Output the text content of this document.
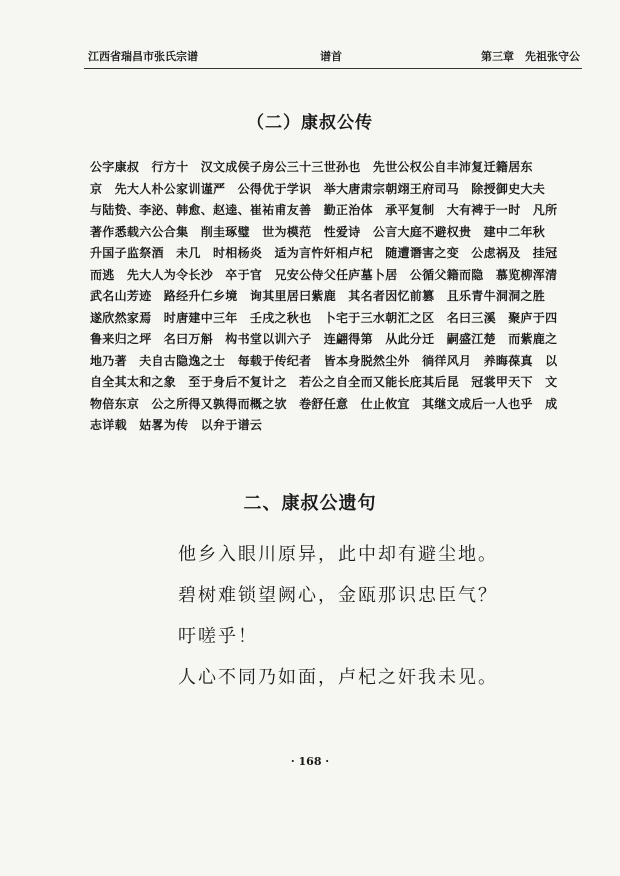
江西省瑞昌市张氏宗谱	谱首	第三章　先祖张守公
（二）康叔公传
公字康叔　行方十　汉文成侯子房公三十三世孙也　先世公权公自丰沛复迁籍居东
京　先大人朴公家训谨严　公得优于学识　举大唐肃宗朝翊王府司马　除授御史大夫
与陆贽、李泌、韩愈、赵逵、崔祐甫友善　勤正治体　承平复制　大有裨于一时　凡所
著作悉载六公合集　削圭琢璧　世为模范　性爱诗　公言大庭不避权贵　建中二年秋
升国子监祭酒　未几　时相杨炎　适为言忤奸相卢杞　随遭谮害之变　公虑祸及　挂冠
而逃　先大人为令长沙　卒于官　兄安公侍父任庐墓卜居　公循父籍而隐　慕览柳浑清
武名山芳迹　路经升仁乡境　询其里居曰紫鹿　其名者因忆前篡　且乐青牛洞洞之胜
遂欣然家焉　时唐建中三年　壬戌之秋也　卜宅于三水朝汇之区　名曰三溪　聚庐于四
鲁来归之坪　名曰万斛　构书堂以训六子　连翩得第　从此分迁　嗣盛江楚　而紫鹿之
地乃著　夫自古隐逸之士　每载于传纪者　皆本身脱然尘外　徜徉风月　养晦葆真　以
自全其太和之象　至于身后不复计之　若公之自全而又能长庇其后昆　冠裳甲天下　文
物倍东京　公之所得又孰得而概之欤　卷舒任意　仕止攸宜　其继文成后一人也乎　成
志详载　姑畧为传　以弁于谱云
二、康叔公遗句
他乡入眼川原异，此中却有避尘地。
碧树难锁望阙心，金瓯那识忠臣气？
吁嗟乎！
人心不同乃如面，卢杞之奸我未见。
· 168 ·
